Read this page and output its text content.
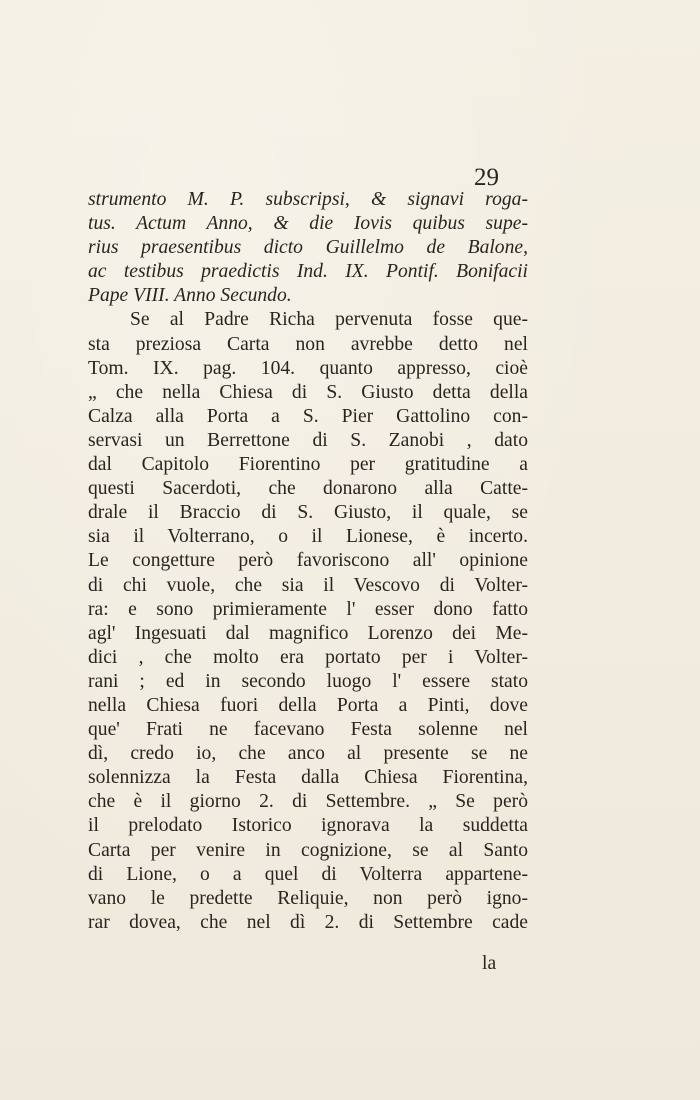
29

strumento M. P. subscripsi, & signavi roga-
tus. Actum Anno, & die Iovis quibus supe-
rius praesentibus dicto Guillelmo de Balone,
ac testibus praedictis Ind. IX. Pontif. Bonifacii
Pape VIII. Anno Secundo.
Se al Padre Richa pervenuta fosse que-
sta preziosa Carta non avrebbe detto nel
Tom. IX. pag. 104. quanto appresso, cioè
„ che nella Chiesa di S. Giusto detta della
Calza alla Porta a S. Pier Gattolino con-
servasi un Berrettone di S. Zanobi , dato
dal Capitolo Fiorentino per gratitudine a
questi Sacerdoti, che donarono alla Catte-
drale il Braccio di S. Giusto, il quale, se
sia il Volterrano, o il Lionese, è incerto.
Le congetture però favoriscono all' opinione
di chi vuole, che sia il Vescovo di Volter-
ra: e sono primieramente l' esser dono fatto
agl' Ingesuati dal magnifico Lorenzo dei Me-
dici , che molto era portato per i Volter-
rani ; ed in secondo luogo l' essere stato
nella Chiesa fuori della Porta a Pinti, dove
que' Frati ne facevano Festa solenne nel
dì, credo io, che anco al presente se ne
solennizza la Festa dalla Chiesa Fiorentina,
che è il giorno 2. di Settembre. „ Se però
il prelodato Istorico ignorava la suddetta
Carta per venire in cognizione, se al Santo
di Lione, o a quel di Volterra appartene-
vano le predette Reliquie, non però igno-
rar dovea, che nel dì 2. di Settembre cade

la
